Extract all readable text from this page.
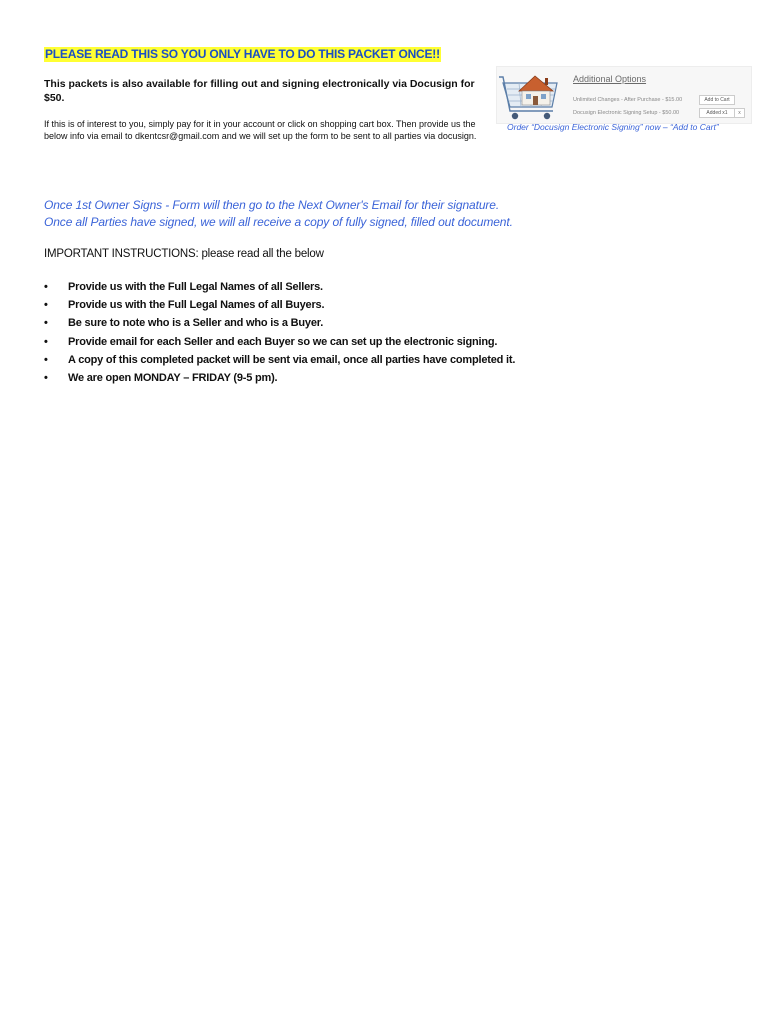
PLEASE READ THIS SO YOU ONLY HAVE TO DO THIS PACKET ONCE!!
This packets is also available for filling out and signing electronically via Docusign for $50.
If this is of interest to you, simply pay for it in your account or click on shopping cart box. Then provide us the below info via email to dkentcsr@gmail.com and we will set up the form to be sent to all parties via docusign.
Additional Options
Unlimited Changes - After Purchase - $15.00
Docusign Electronic Signing Setup - $50.00
Add to Cart
Added x1	x
Order “Docusign Electronic Signing” now – “Add to Cart”
Once 1st Owner Signs - Form will then go to the Next Owner's Email for their signature.
Once all Parties have signed, we will all receive a copy of fully signed, filled out document.
IMPORTANT INSTRUCTIONS: please read all the below
•	Provide us with the Full Legal Names of all Sellers.
•	Provide us with the Full Legal Names of all Buyers.
•	Be sure to note who is a Seller and who is a Buyer.
•	Provide email for each Seller and each Buyer so we can set up the electronic signing.
•	A copy of this completed packet will be sent via email, once all parties have completed it.
•	We are open MONDAY – FRIDAY (9-5 pm).
